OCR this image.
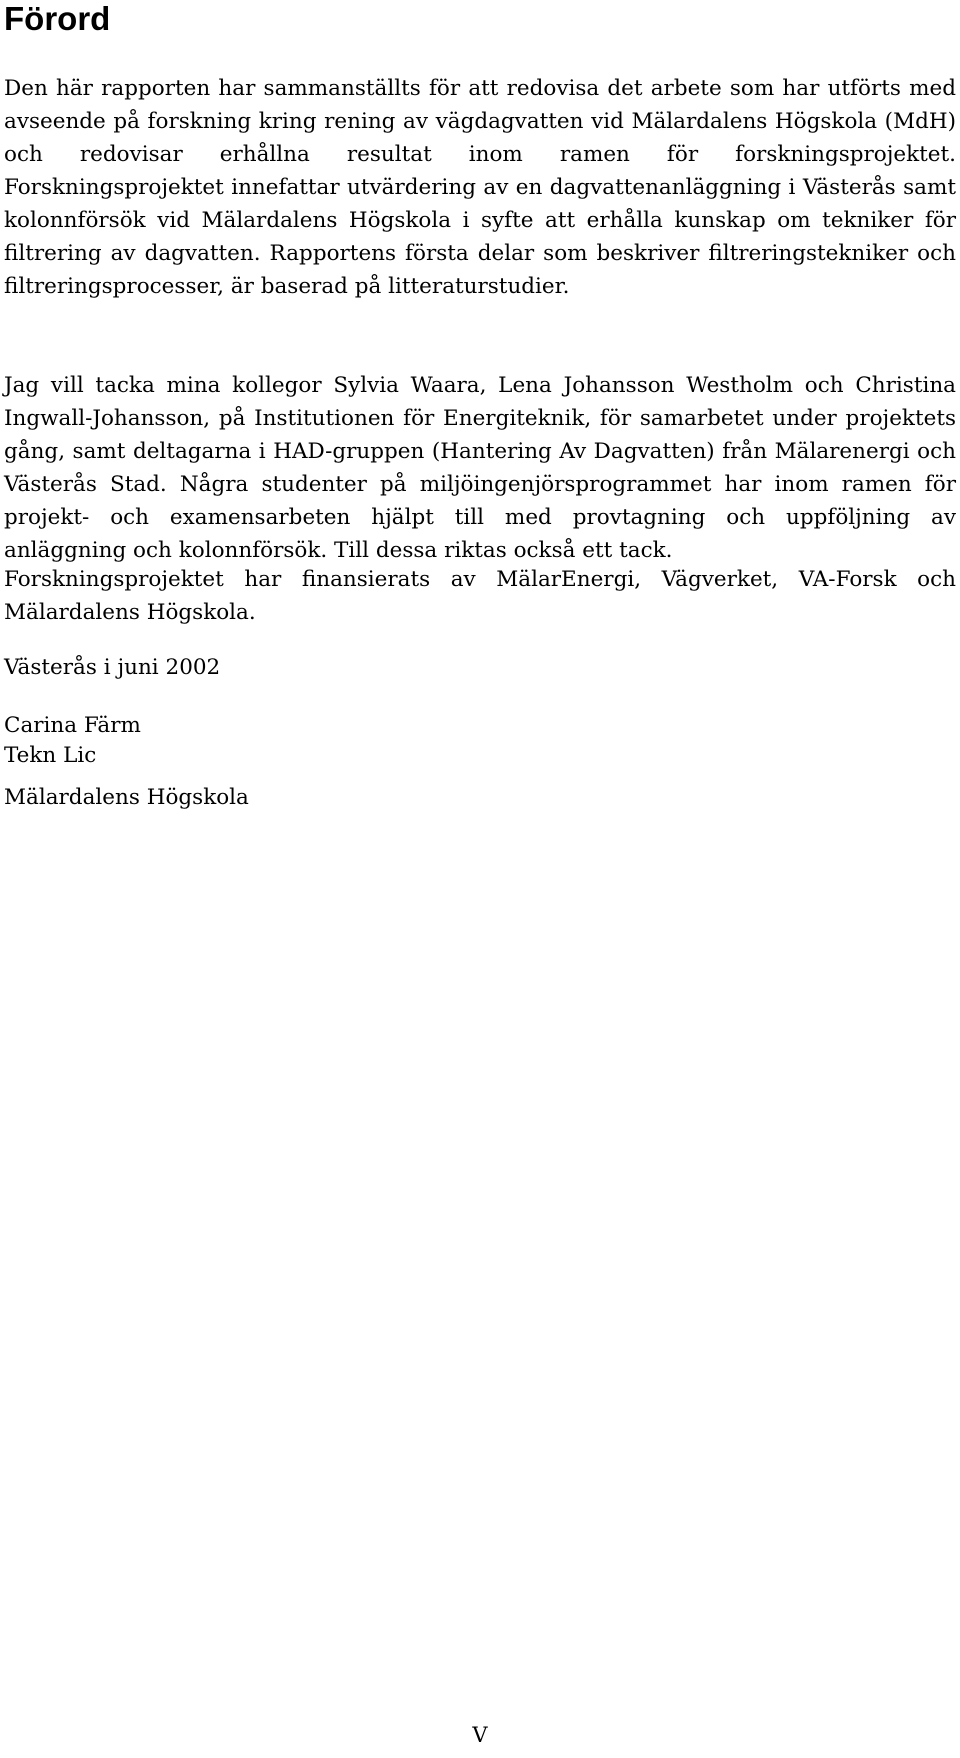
Förord

Den här rapporten har sammanställts för att redovisa det arbete som har utförts med avseende på forskning kring rening av vägdagvatten vid Mälardalens Högskola (MdH) och redovisar erhållna resultat inom ramen för forskningsprojektet. Forskningsprojektet innefattar utvärdering av en dagvattenanläggning i Västerås samt kolonnförsök vid Mälardalens Högskola i syfte att erhålla kunskap om tekniker för filtrering av dagvatten. Rapportens första delar som beskriver filtreringstekniker och filtreringsprocesser, är baserad på litteraturstudier.

Jag vill tacka mina kollegor Sylvia Waara, Lena Johansson Westholm och Christina Ingwall-Johansson, på Institutionen för Energiteknik, för samarbetet under projektets gång, samt deltagarna i HAD-gruppen (Hantering Av Dagvatten) från Mälarenergi och Västerås Stad. Några studenter på miljöingenjörsprogrammet har inom ramen för projekt- och examensarbeten hjälpt till med provtagning och uppföljning av anläggning och kolonnförsök. Till dessa riktas också ett tack.

Forskningsprojektet har finansierats av MälarEnergi, Vägverket, VA-Forsk och Mälardalens Högskola.

Västerås i juni 2002

Carina Färm

Tekn Lic

Mälardalens Högskola

V
